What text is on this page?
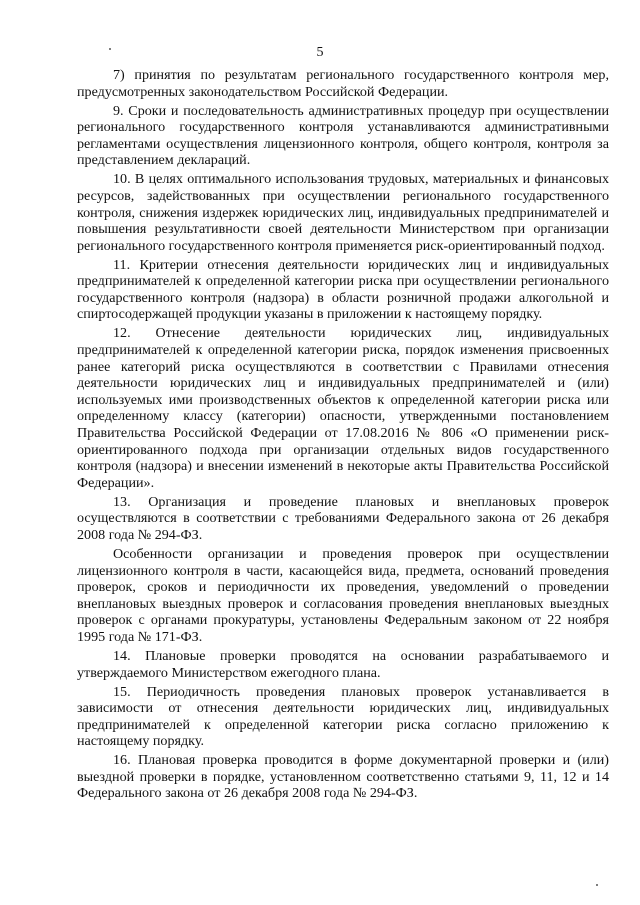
5

7) принятия по результатам регионального государственного контроля мер, предусмотренных законодательством Российской Федерации.

9. Сроки и последовательность административных процедур при осуществлении регионального государственного контроля устанавливаются административными регламентами осуществления лицензионного контроля, общего контроля, контроля за представлением деклараций.

10. В целях оптимального использования трудовых, материальных и финансовых ресурсов, задействованных при осуществлении регионального государственного контроля, снижения издержек юридических лиц, индивидуальных предпринимателей и повышения результативности своей деятельности Министерством при организации регионального государственного контроля применяется риск-ориентированный подход.

11. Критерии отнесения деятельности юридических лиц и индивидуальных предпринимателей к определенной категории риска при осуществлении регионального государственного контроля (надзора) в области розничной продажи алкогольной и спиртосодержащей продукции указаны в приложении к настоящему порядку.

12. Отнесение деятельности юридических лиц, индивидуальных предпринимателей к определенной категории риска, порядок изменения присвоенных ранее категорий риска осуществляются в соответствии с Правилами отнесения деятельности юридических лиц и индивидуальных предпринимателей и (или) используемых ими производственных объектов к определенной категории риска или определенному классу (категории) опасности, утвержденными постановлением Правительства Российской Федерации от 17.08.2016 № 806 «О применении риск-ориентированного подхода при организации отдельных видов государственного контроля (надзора) и внесении изменений в некоторые акты Правительства Российской Федерации».

13. Организация и проведение плановых и внеплановых проверок осуществляются в соответствии с требованиями Федерального закона от 26 декабря 2008 года № 294-ФЗ.

Особенности организации и проведения проверок при осуществлении лицензионного контроля в части, касающейся вида, предмета, оснований проведения проверок, сроков и периодичности их проведения, уведомлений о проведении внеплановых выездных проверок и согласования проведения внеплановых выездных проверок с органами прокуратуры, установлены Федеральным законом от 22 ноября 1995 года № 171-ФЗ.

14. Плановые проверки проводятся на основании разрабатываемого и утверждаемого Министерством ежегодного плана.

15. Периодичность проведения плановых проверок устанавливается в зависимости от отнесения деятельности юридических лиц, индивидуальных предпринимателей к определенной категории риска согласно приложению к настоящему порядку.

16. Плановая проверка проводится в форме документарной проверки и (или) выездной проверки в порядке, установленном соответственно статьями 9, 11, 12 и 14 Федерального закона от 26 декабря 2008 года № 294-ФЗ.
